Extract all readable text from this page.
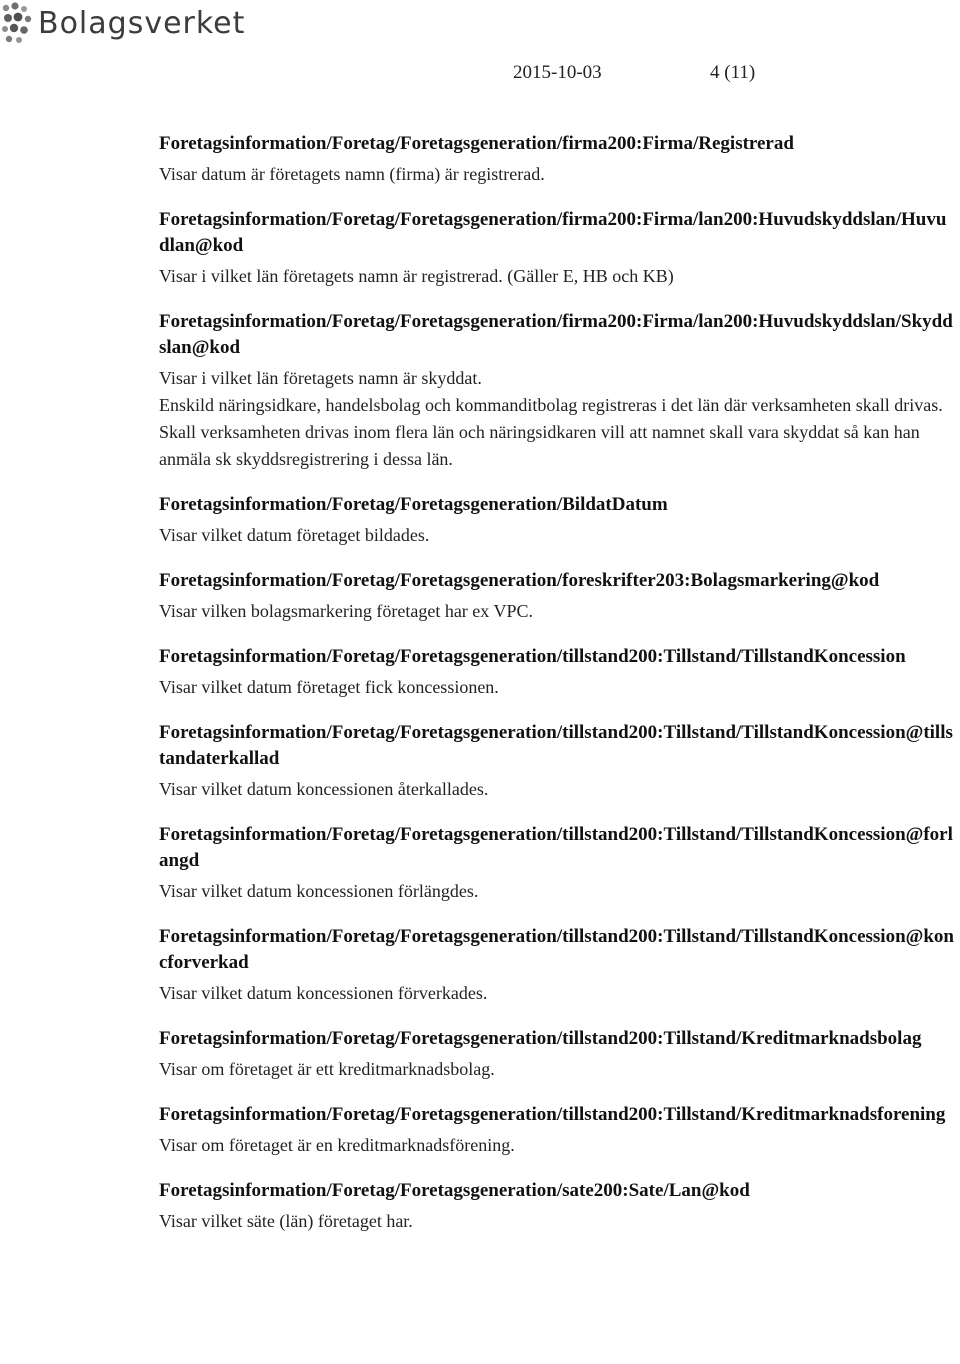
Bolagsverket
2015-10-03	4 (11)
Foretagsinformation/Foretag/Foretagsgeneration/firma200:Firma/Registrerad

Visar datum är företagets namn (firma) är registrerad.

Foretagsinformation/Foretag/Foretagsgeneration/firma200:Firma/lan200:Huvudskyddslan/Huvudlan@kod

Visar i vilket län företagets namn är registrerad. (Gäller E, HB och KB)

Foretagsinformation/Foretag/Foretagsgeneration/firma200:Firma/lan200:Huvudskyddslan/Skyddslan@kod

Visar i vilket län företagets namn är skyddat.

Enskild näringsidkare, handelsbolag och kommanditbolag registreras i det län där verksamheten skall drivas. Skall verksamheten drivas inom flera län och näringsidkaren vill att namnet skall vara skyddat så kan han anmäla sk skyddsregistrering i dessa län.

Foretagsinformation/Foretag/Foretagsgeneration/BildatDatum

Visar vilket datum företaget bildades.

Foretagsinformation/Foretag/Foretagsgeneration/foreskrifter203:Bolagsmarkering@kod

Visar vilken bolagsmarkering företaget har ex VPC.

Foretagsinformation/Foretag/Foretagsgeneration/tillstand200:Tillstand/TillstandKoncession

Visar vilket datum företaget fick koncessionen.

Foretagsinformation/Foretag/Foretagsgeneration/tillstand200:Tillstand/TillstandKoncession@tillstandaterkallad

Visar vilket datum koncessionen återkallades.

Foretagsinformation/Foretag/Foretagsgeneration/tillstand200:Tillstand/TillstandKoncession@forlangd

Visar vilket datum koncessionen förlängdes.

Foretagsinformation/Foretag/Foretagsgeneration/tillstand200:Tillstand/TillstandKoncession@koncforverkad

Visar vilket datum koncessionen förverkades.

Foretagsinformation/Foretag/Foretagsgeneration/tillstand200:Tillstand/Kreditmarknadsbolag

Visar om företaget är ett kreditmarknadsbolag.

Foretagsinformation/Foretag/Foretagsgeneration/tillstand200:Tillstand/Kreditmarknadsforening

Visar om företaget är en kreditmarknadsförening.

Foretagsinformation/Foretag/Foretagsgeneration/sate200:Sate/Lan@kod

Visar vilket säte (län) företaget har.
